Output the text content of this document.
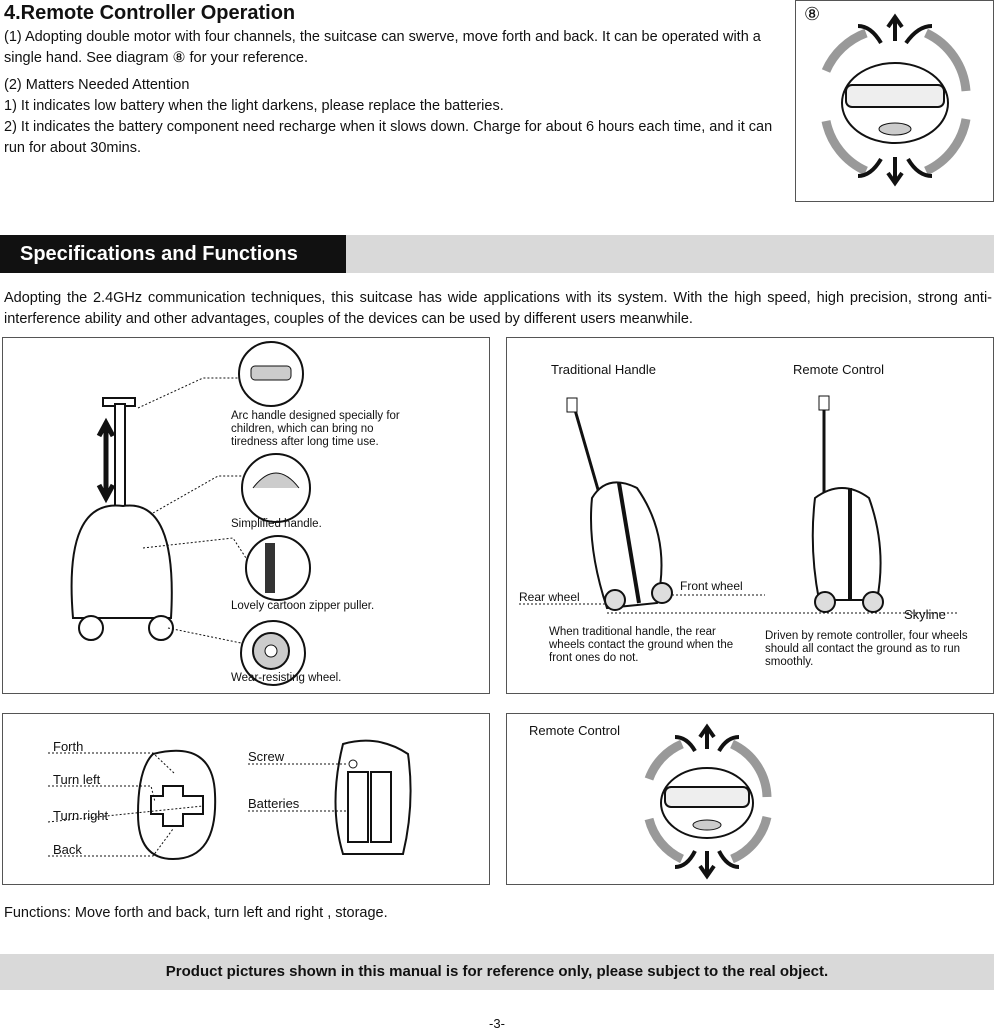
4.Remote Controller Operation

(1) Adopting double motor with four channels, the suitcase can swerve, move forth and back. It can be operated with a single hand. See diagram ⑧ for your reference.

(2) Matters Needed Attention

1) It indicates low battery when the light darkens, please replace the batteries.

2) It indicates the battery component need recharge when it slows down. Charge for about 6 hours each time, and it can run for about 30mins.

⑧
Specifications and Functions

Adopting the 2.4GHz communication techniques, this suitcase has wide applications with its system. With the high speed, high precision, strong anti-interference ability and other advantages, couples of the devices can be used by different users meanwhile.

Arc handle designed specially for children, which can bring no tiredness after long time use.
Simplified handle.
Lovely cartoon zipper puller.
Wear-resisting wheel.
Traditional Handle	Remote Control
Rear wheel
Front wheel
Skyline
When traditional handle, the rear wheels contact the ground when the front ones do not.
Driven by remote controller, four wheels should all contact the ground as to run smoothly.
Forth
Turn left
Turn right
Back
Screw
Batteries
Remote Control

Functions: Move forth and back, turn left and right , storage.

Product pictures shown in this manual is for reference only, please subject to the real object.
-3-
